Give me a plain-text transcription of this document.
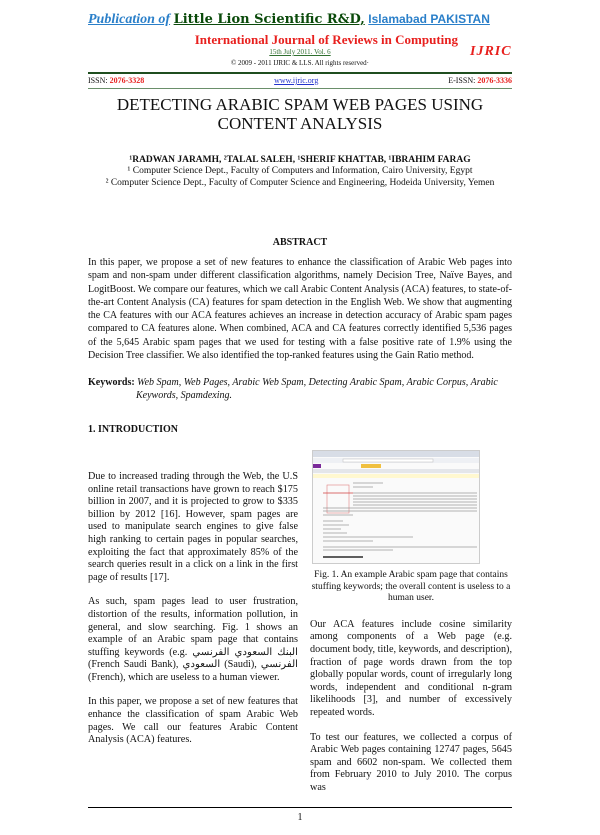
Publication of Little Lion Scientific R&D, Islamabad PAKISTAN
International Journal of Reviews in Computing
15th July 2011. Vol. 6
© 2009 - 2011 IJRIC & LLS. All rights reserved·
IJRIC
ISSN: 2076-3328	www.ijric.org	E-ISSN: 2076-3336
DETECTING ARABIC SPAM WEB PAGES USING CONTENT ANALYSIS
¹RADWAN JARAMH, ²TALAL SALEH, ¹SHERIF KHATTAB, ¹IBRAHIM FARAG
¹ Computer Science Dept., Faculty of Computers and Information, Cairo University, Egypt
² Computer Science Dept., Faculty of Computer Science and Engineering, Hodeida University, Yemen
ABSTRACT
In this paper, we propose a set of new features to enhance the classification of Arabic Web pages into spam and non-spam under different classification algorithms, namely Decision Tree, Naïve Bayes, and LogitBoost. We compare our features, which we call Arabic Content Analysis (ACA) features, to state-of-the-art Content Analysis (CA) features for spam detection in the English Web. We show that augmenting the CA features with our ACA features achieves an increase in detection accuracy of Arabic spam pages compared to CA features alone. When combined, ACA and CA features correctly identified 5,536 pages of the 5,645 Arabic spam pages that we used for testing with a false positive rate of 1.9% using the Decision Tree classifier. We also identified the top-ranked features using the Gain Ratio method.
Keywords: Web Spam, Web Pages, Arabic Web Spam, Detecting Arabic Spam, Arabic Corpus, Arabic Keywords, Spamdexing.
1. INTRODUCTION
Due to increased trading through the Web, the U.S online retail transactions have grown to reach $175 billion in 2007, and it is projected to grow to $335 billion by 2012 [16]. However, spam pages are used to manipulate search engines to give false high ranking to certain pages in popular searches, exploiting the fact that approximately 85% of the search queries result in a click on a link in the first page of results [17].
As such, spam pages lead to user frustration, distortion of the results, information pollution, in general, and slow searching. Fig. 1 shows an example of an Arabic spam page that contains stuffing keywords (e.g. البنك السعودي الفرنسي (French Saudi Bank), السعودي (Saudi), الفرنسي (French), which are useless to a human viewer.
In this paper, we propose a set of new features that enhance the classification of spam Arabic Web pages. We call our features Arabic Content Analysis (ACA) features.
Fig. 1. An example Arabic spam page that contains stuffing keywords; the overall content is useless to a human user.
Our ACA features include cosine similarity among components of a Web page (e.g. document body, title, keywords, and description), fraction of page words drawn from the top globally popular words, count of irregularly long words, independent and conditional n-gram likelihoods [3], and number of excessively repeated words.
To test our features, we collected a corpus of Arabic Web pages containing 12747 pages, 5645 spam and 6602 non-spam. We collected them from February 2010 to July 2010. The corpus was
1
